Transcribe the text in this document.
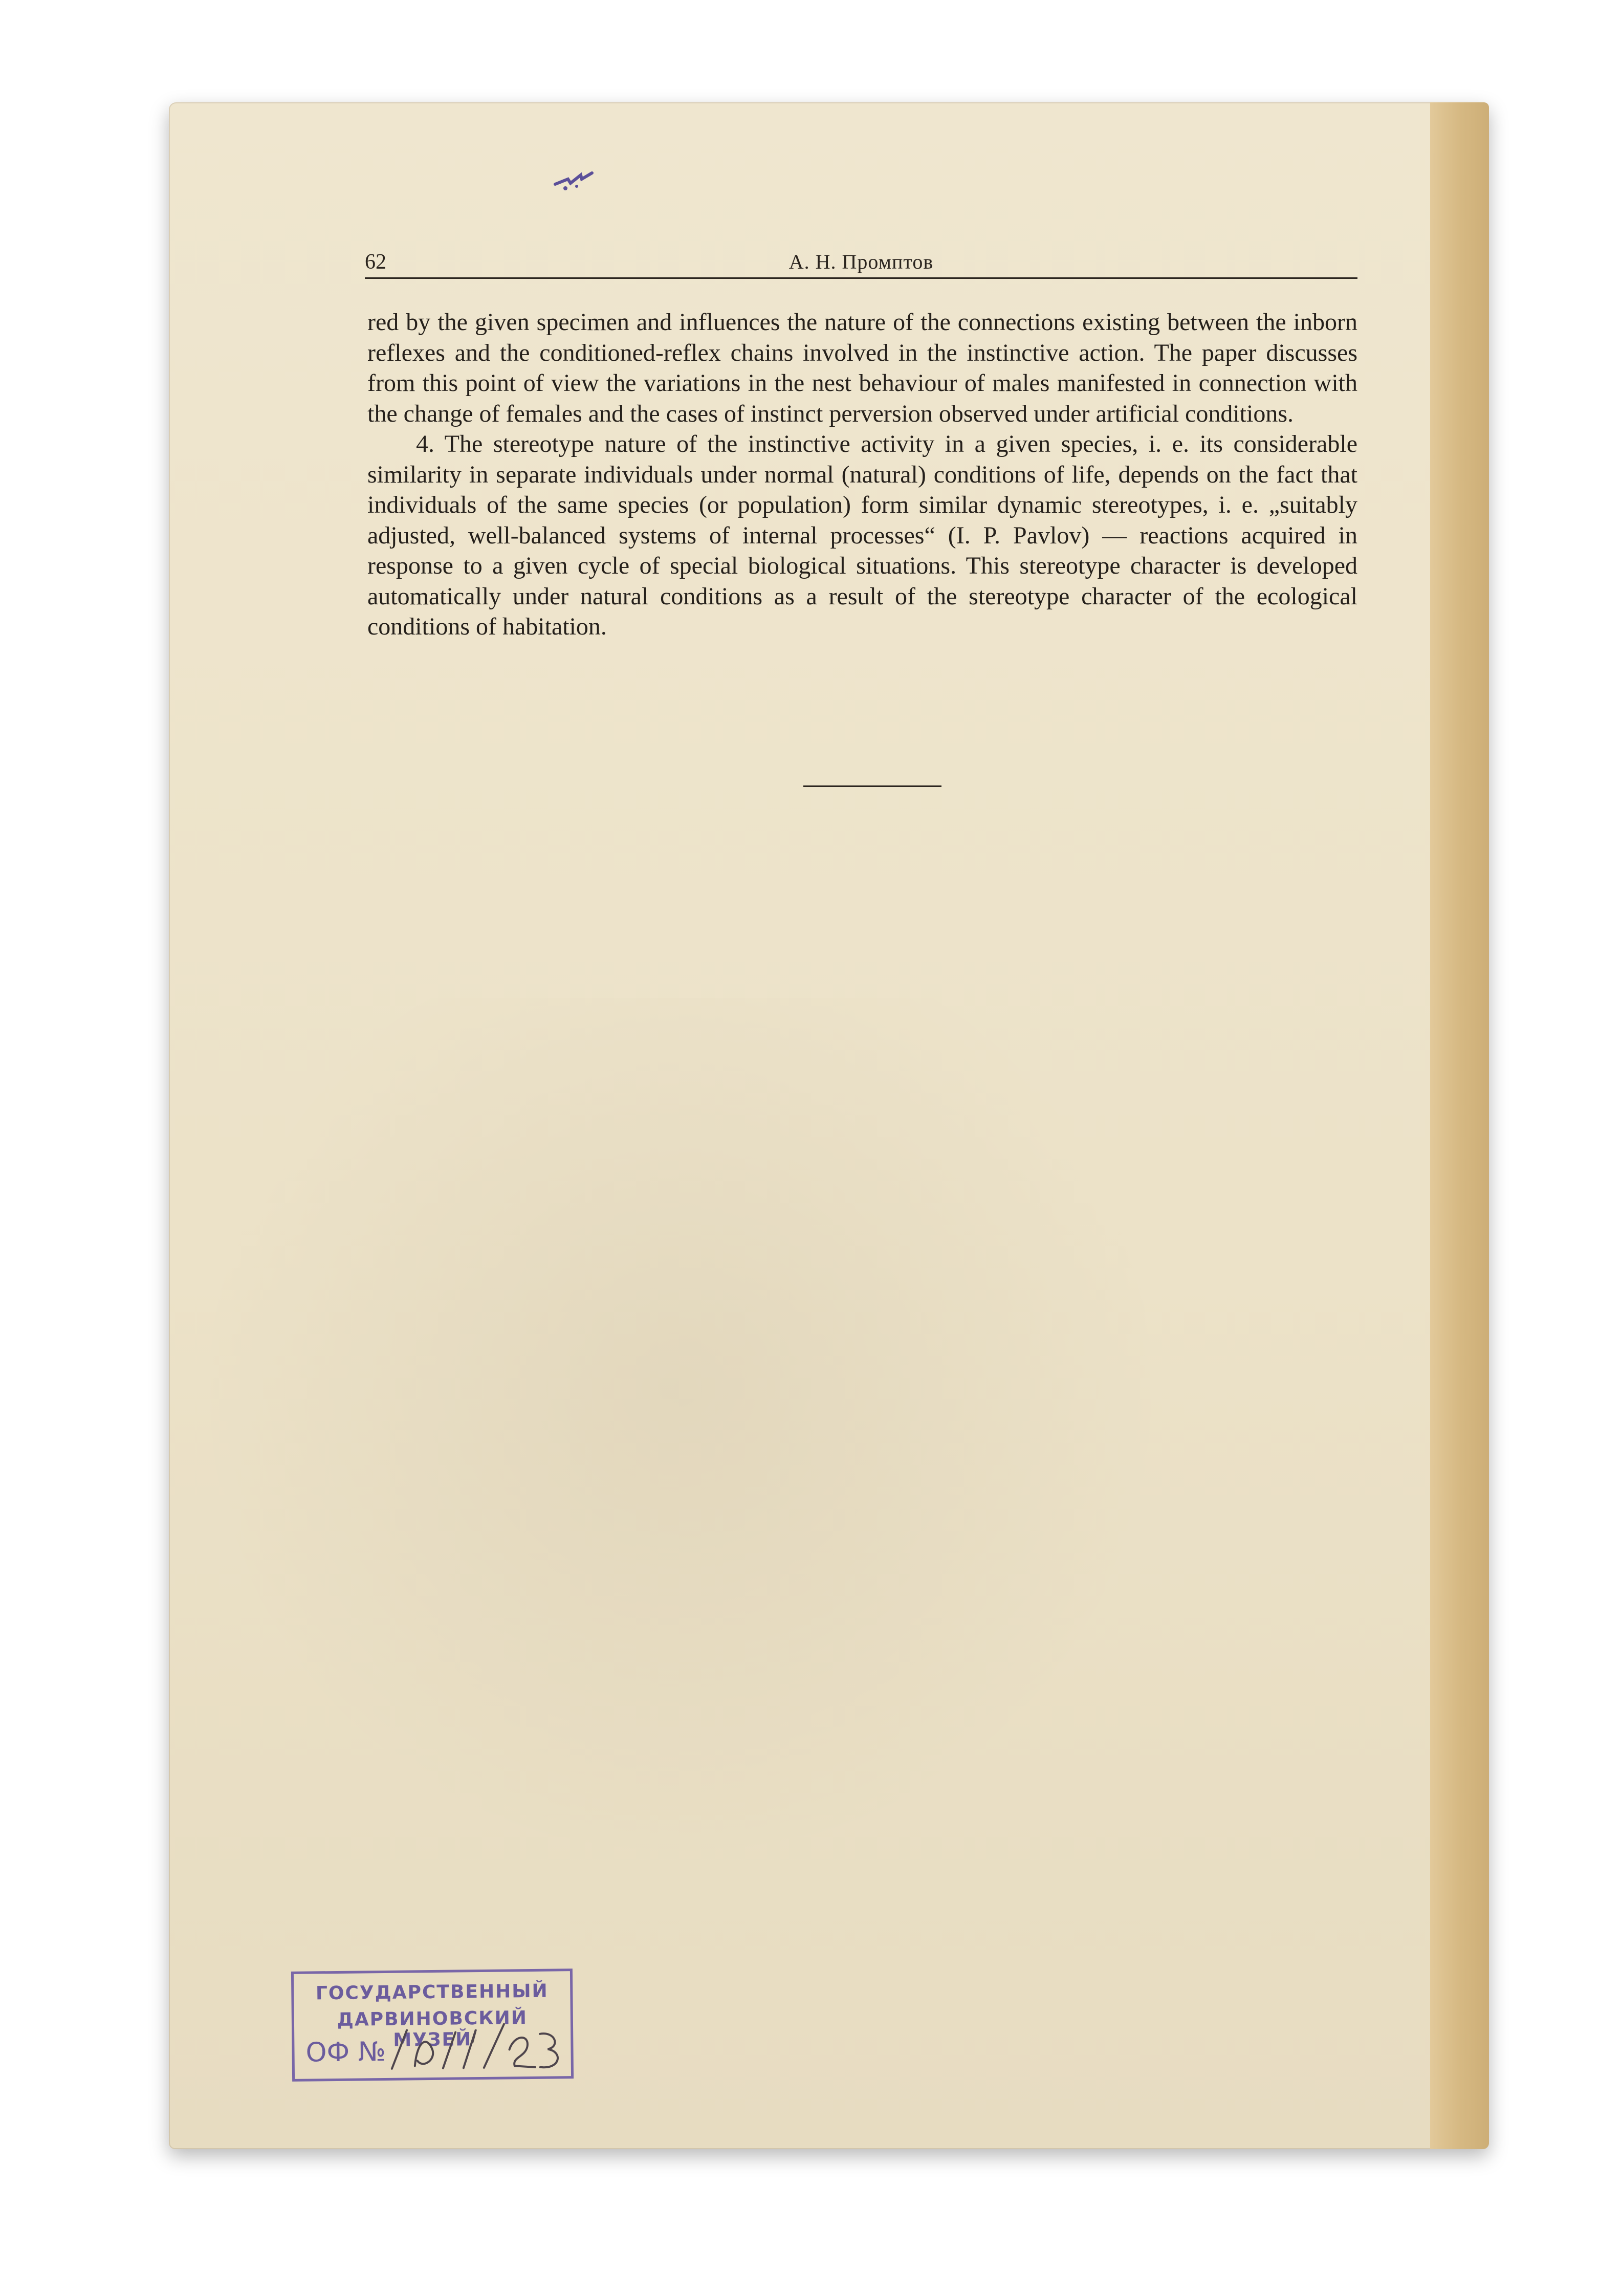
62	А. Н. Промптов

red by the given specimen and influences the nature of the connections existing between the inborn reflexes and the conditioned-reflex chains involved in the instinctive action. The paper discusses from this point of view the variations in the nest behaviour of males manifested in connection with the change of females and the cases of instinct perversion observed under artificial conditions.

4. The stereotype nature of the instinctive activity in a given species, i. e. its considerable similarity in separate individuals under normal (natural) conditions of life, depends on the fact that individuals of the same species (or population) form similar dynamic stereotypes, i. e. „suitably adjusted, well-balanced systems of internal processes“ (I. P. Pavlov) — reactions acquired in response to a given cycle of special biological situations. This stereotype character is developed automatically under natural conditions as a result of the stereotype character of the ecological conditions of habitation.

ГОСУДАРСТВЕННЫЙ
ДАРВИНОВСКИЙ МУЗЕЙ
ОФ №
